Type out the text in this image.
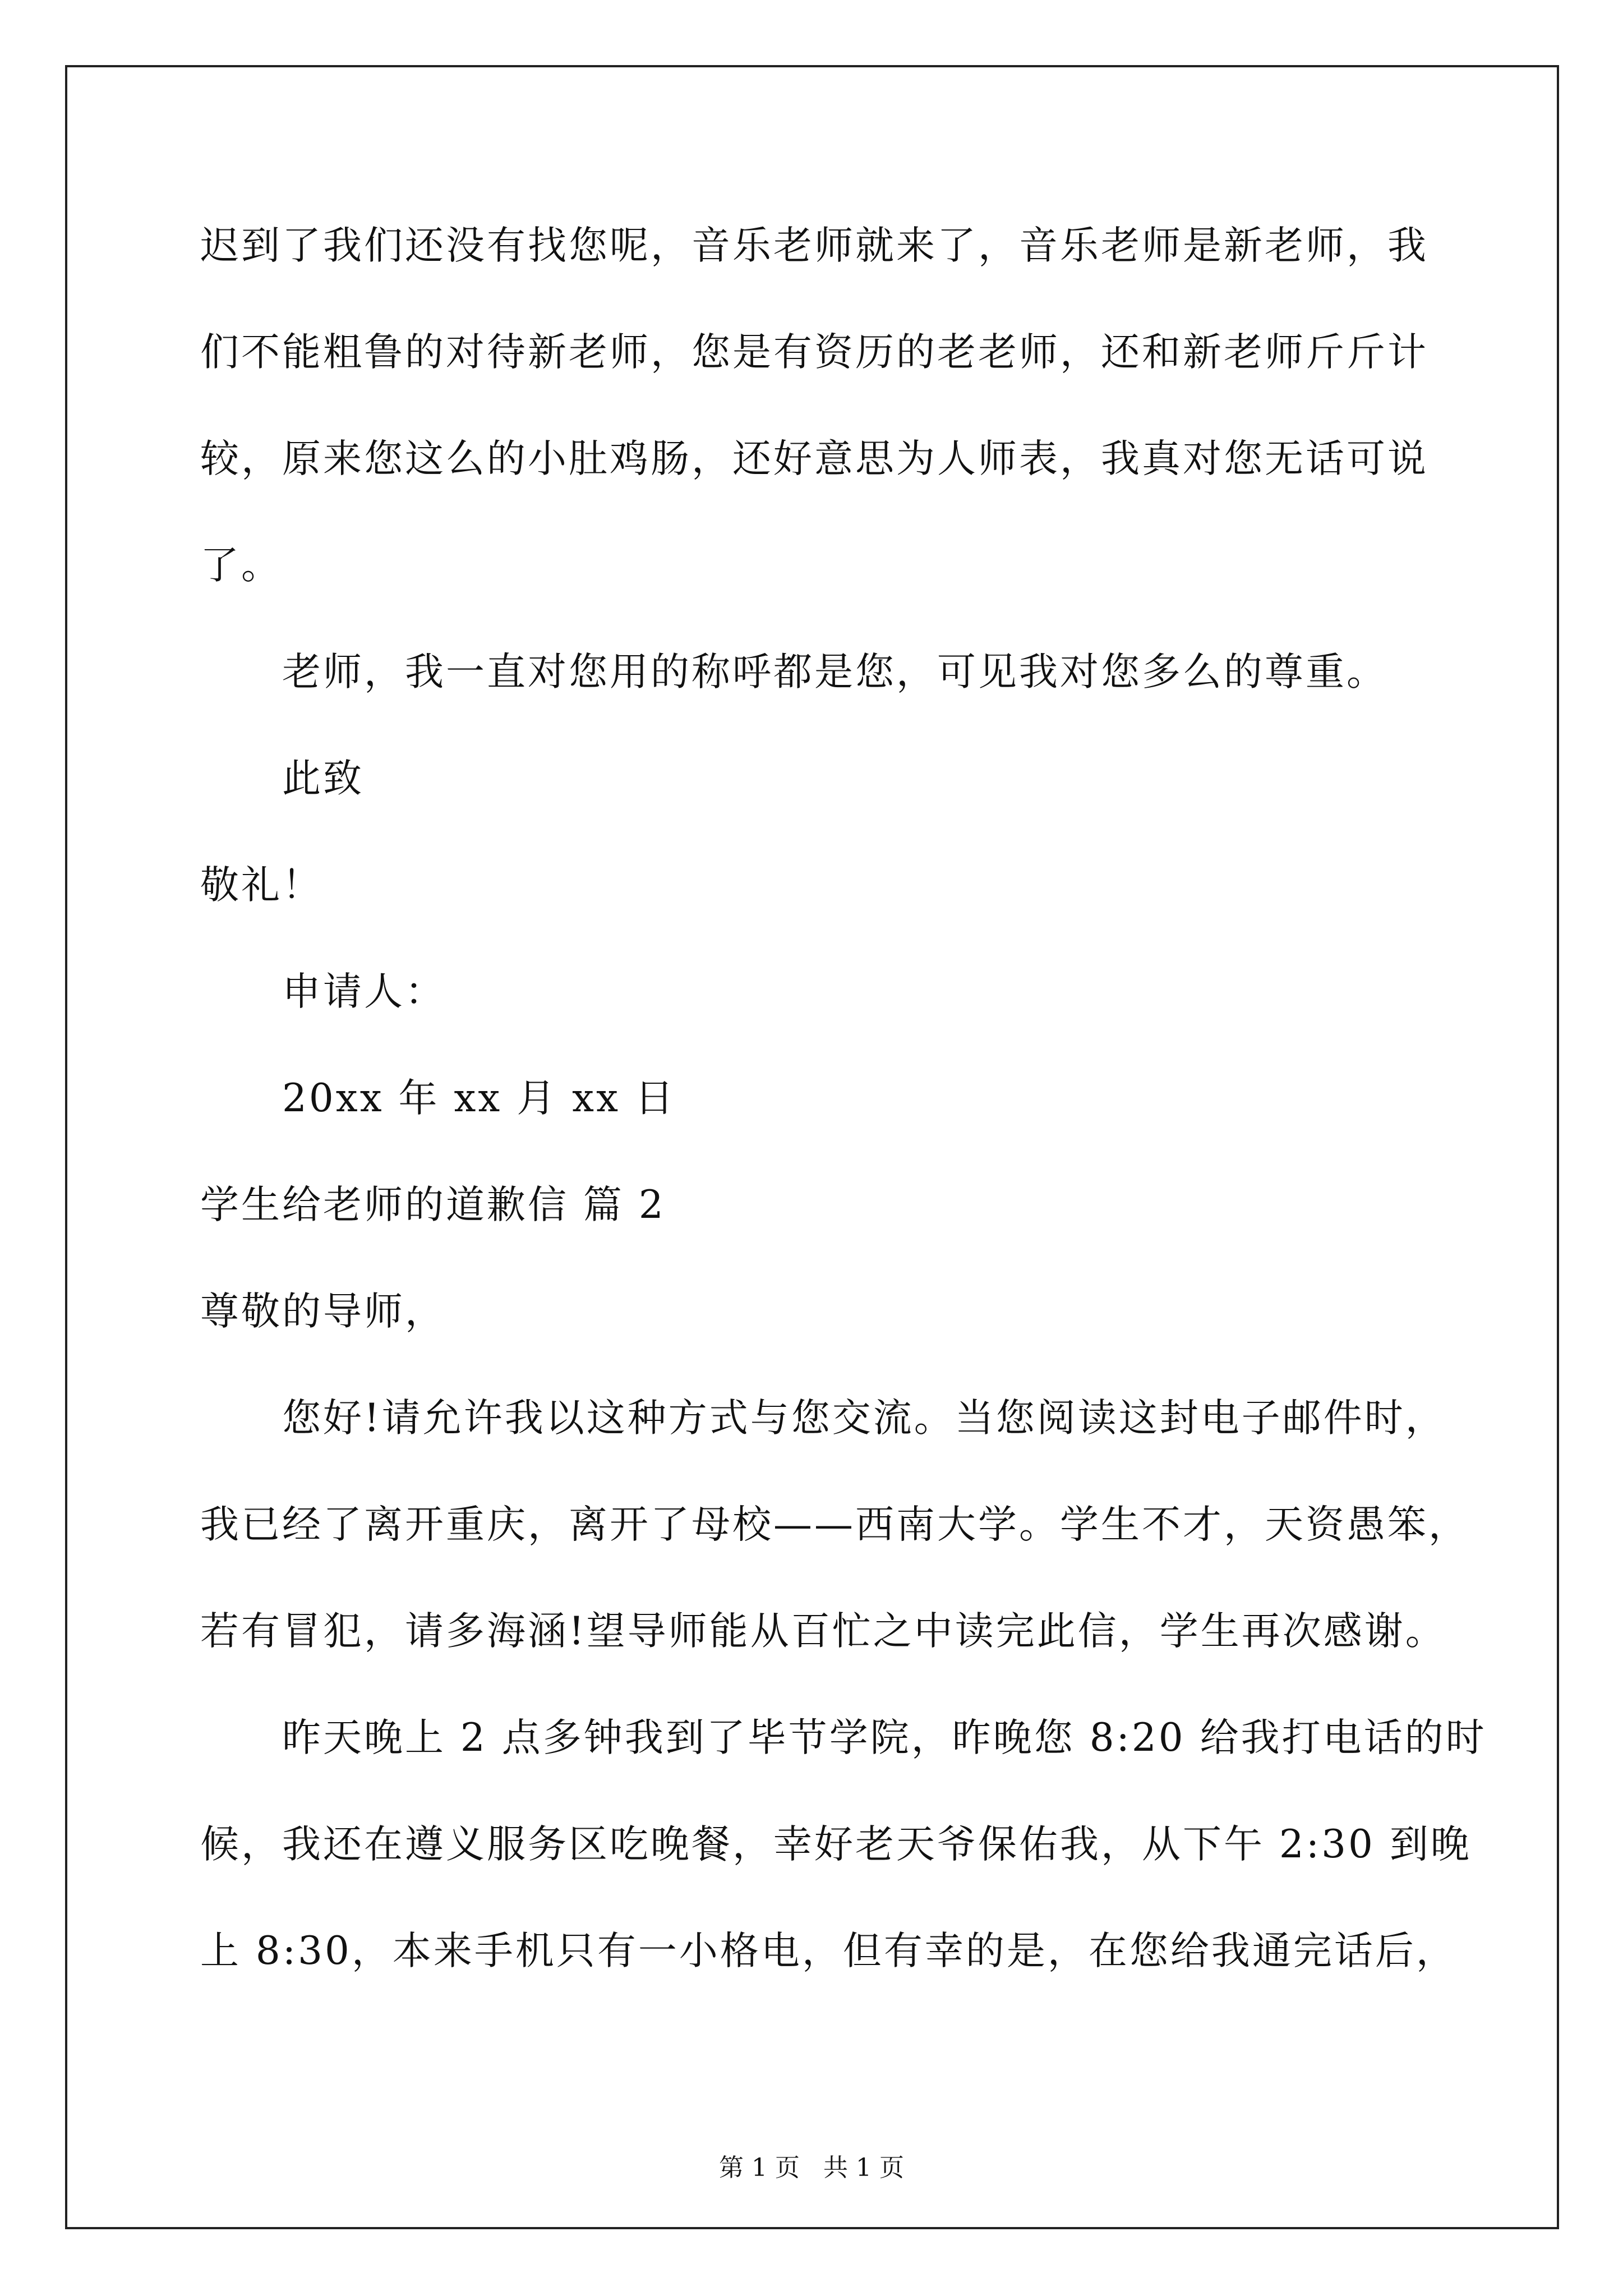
迟到了我们还没有找您呢，音乐老师就来了，音乐老师是新老师，我
们不能粗鲁的对待新老师，您是有资历的老老师，还和新老师斤斤计
较，原来您这么的小肚鸡肠，还好意思为人师表，我真对您无话可说
了。
老师，我一直对您用的称呼都是您，可见我对您多么的尊重。
此致
敬礼！
申请人：
20xx 年 xx 月 xx 日
学生给老师的道歉信 篇 2
尊敬的导师，
您好!请允许我以这种方式与您交流。当您阅读这封电子邮件时，
我已经了离开重庆，离开了母校——西南大学。学生不才，天资愚笨，
若有冒犯，请多海涵!望导师能从百忙之中读完此信，学生再次感谢。
昨天晚上 2 点多钟我到了毕节学院，昨晚您 8:20 给我打电话的时
候，我还在遵义服务区吃晚餐，幸好老天爷保佑我，从下午 2:30 到晚
上 8:30，本来手机只有一小格电，但有幸的是，在您给我通完话后，
第 1 页   共 1 页
